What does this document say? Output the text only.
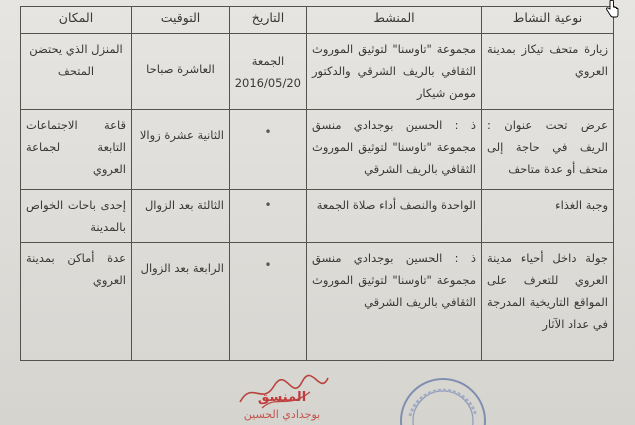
نوعية النشاط	المنشط	التاريخ	التوقيت	المكان
زيارة متحف تيكاز بمدينة العروي	مجموعة "تاوسنا" لتوثيق الموروث الثقافي بالريف الشرقي والدكتور مومن شيكار	الجمعة 2016/05/20	العاشرة صباحا	المنزل الذي يحتضن المتحف
عرض تحت عنوان : الريف في حاجة إلى متحف أو عدة متاحف	ذ : الحسين بوجدادي منسق مجموعة "تاوسنا" لتوثيق الموروث الثقافي بالريف الشرقي	•	الثانية عشرة زوالا	قاعة الاجتماعات التابعة لجماعة العروي
وجبة الغذاء	الواحدة والنصف أداء صلاة الجمعة	•	الثالثة بعد الزوال	إحدى باحات الخواص بالمدينة
جولة داخل أحياء مدينة العروي للتعرف على المواقع التاريخية المدرجة في عداد الآثار	ذ : الحسين بوجدادي منسق مجموعة "تاوسنا" لتوثيق الموروث الثقافي بالريف الشرقي	•	الرابعة بعد الزوال	عدة أماكن بمدينة العروي
المنسق
بوجدادي الحسين
